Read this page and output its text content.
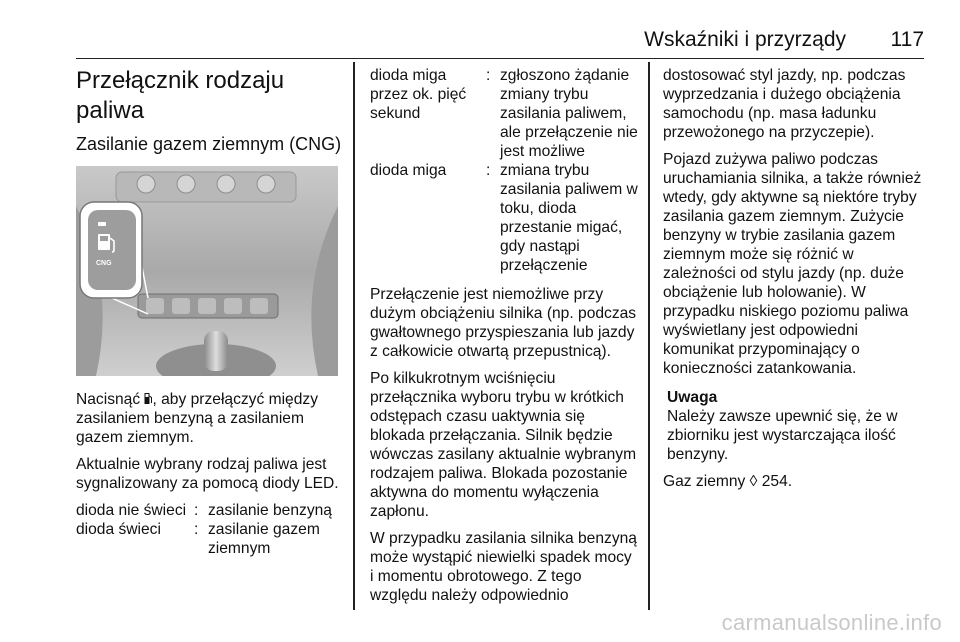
Wskaźniki i przyrządy 117
Przełącznik rodzaju paliwa
Zasilanie gazem ziemnym (CNG)
CNG

Nacisnąć , aby przełączyć między zasilaniem benzyną a zasilaniem gazem ziemnym.

Aktualnie wybrany rodzaj paliwa jest sygnalizowany za pomocą diody LED.

dioda nie świeci : zasilanie benzyną
dioda świeci	: zasilanie gazem ziemnym
dioda miga przez ok. pięć sekund
: zgłoszono żądanie zmiany trybu zasilania paliwem, ale przełączenie nie jest możliwe
dioda miga	: zmiana trybu zasilania paliwem w toku, dioda przestanie migać, gdy nastąpi przełączenie

Przełączenie jest niemożliwe przy dużym obciążeniu silnika (np. podczas gwałtownego przyspieszania lub jazdy z całkowicie otwartą przepustnicą).

Po kilkukrotnym wciśnięciu przełącznika wyboru trybu w krótkich odstępach czasu uaktywnia się blokada przełączania. Silnik będzie wówczas zasilany aktualnie wybranym rodzajem paliwa. Blokada pozostanie aktywna do momentu wyłączenia zapłonu.

W przypadku zasilania silnika benzyną może wystąpić niewielki spadek mocy i momentu obrotowego. Z tego względu należy odpowiednio

dostosować styl jazdy, np. podczas wyprzedzania i dużego obciążenia samochodu (np. masa ładunku przewożonego na przyczepie).

Pojazd zużywa paliwo podczas uruchamiania silnika, a także również wtedy, gdy aktywne są niektóre tryby zasilania gazem ziemnym. Zużycie benzyny w trybie zasilania gazem ziemnym może się różnić w zależności od stylu jazdy (np. duże obciążenie lub holowanie). W przypadku niskiego poziomu paliwa wyświetlany jest odpowiedni komunikat przypominający o konieczności zatankowania.

Uwaga
Należy zawsze upewnić się, że w zbiorniku jest wystarczająca ilość benzyny.

Gaz ziemny ◊ 254.

carmanualsonline.info
